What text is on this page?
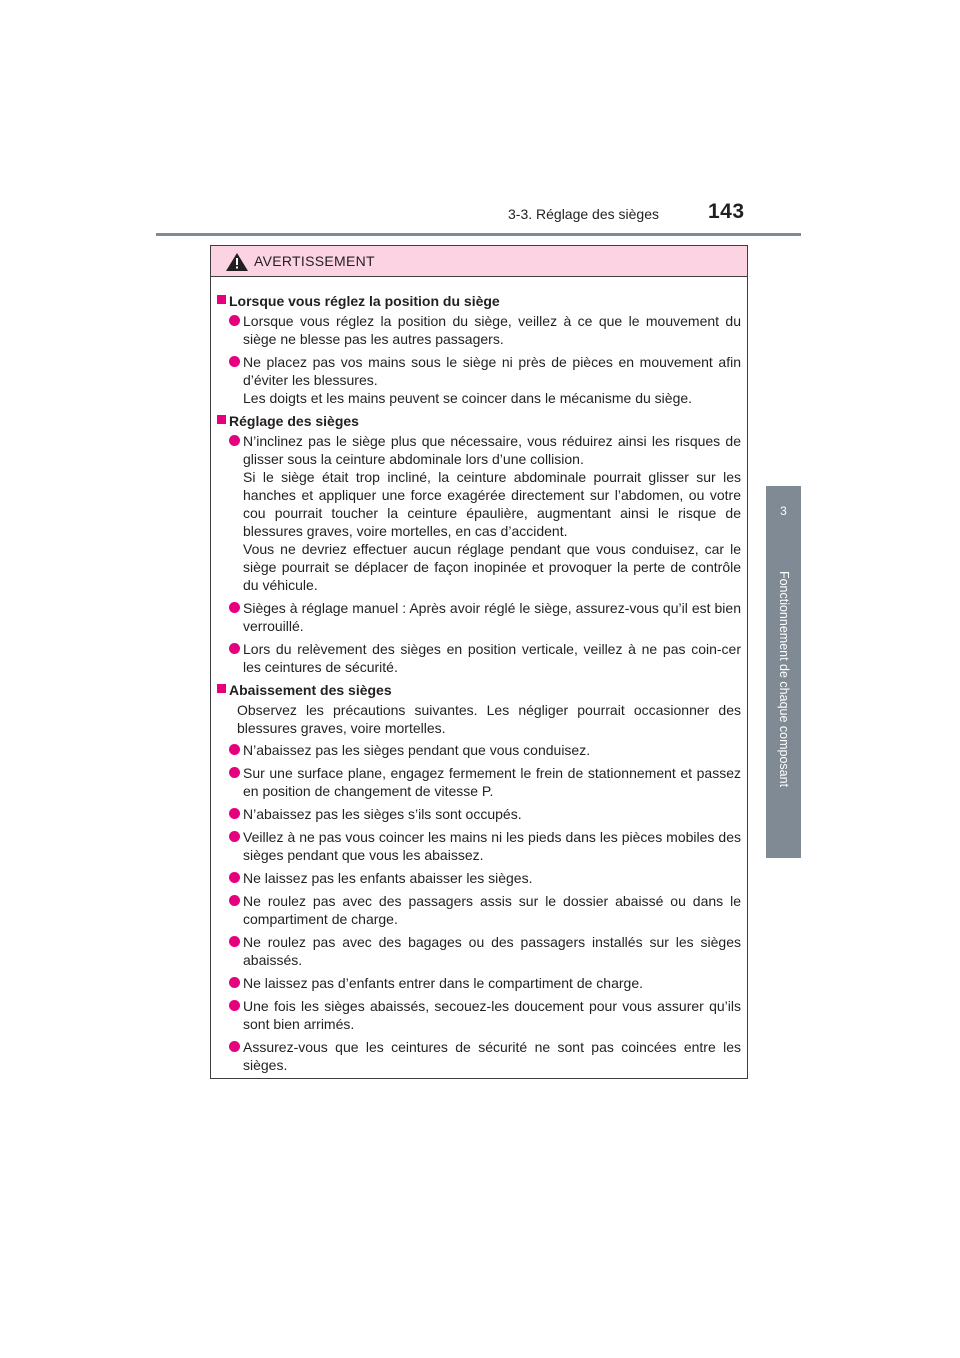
3-3. Réglage des sièges 143
3
Fonctionnement de chaque composant
AVERTISSEMENT
Lorsque vous réglez la position du siège
Lorsque vous réglez la position du siège, veillez à ce que le mouvement du siège ne blesse pas les autres passagers.
Ne placez pas vos mains sous le siège ni près de pièces en mouvement afin d’éviter les blessures.
Les doigts et les mains peuvent se coincer dans le mécanisme du siège.
Réglage des sièges
N’inclinez pas le siège plus que nécessaire, vous réduirez ainsi les risques de glisser sous la ceinture abdominale lors d’une collision.
Si le siège était trop incliné, la ceinture abdominale pourrait glisser sur les hanches et appliquer une force exagérée directement sur l’abdomen, ou votre cou pourrait toucher la ceinture épaulière, augmentant ainsi le risque de blessures graves, voire mortelles, en cas d’accident.
Vous ne devriez effectuer aucun réglage pendant que vous conduisez, car le siège pourrait se déplacer de façon inopinée et provoquer la perte de contrôle du véhicule.
Sièges à réglage manuel : Après avoir réglé le siège, assurez-vous qu’il est bien verrouillé.
Lors du relèvement des sièges en position verticale, veillez à ne pas coin-cer les ceintures de sécurité.
Abaissement des sièges
Observez les précautions suivantes. Les négliger pourrait occasionner des blessures graves, voire mortelles.
N’abaissez pas les sièges pendant que vous conduisez.
Sur une surface plane, engagez fermement le frein de stationnement et passez en position de changement de vitesse P.
N’abaissez pas les sièges s’ils sont occupés.
Veillez à ne pas vous coincer les mains ni les pieds dans les pièces mobiles des sièges pendant que vous les abaissez.
Ne laissez pas les enfants abaisser les sièges.
Ne roulez pas avec des passagers assis sur le dossier abaissé ou dans le compartiment de charge.
Ne roulez pas avec des bagages ou des passagers installés sur les sièges abaissés.
Ne laissez pas d’enfants entrer dans le compartiment de charge.
Une fois les sièges abaissés, secouez-les doucement pour vous assurer qu’ils sont bien arrimés.
Assurez-vous que les ceintures de sécurité ne sont pas coincées entre les sièges.
